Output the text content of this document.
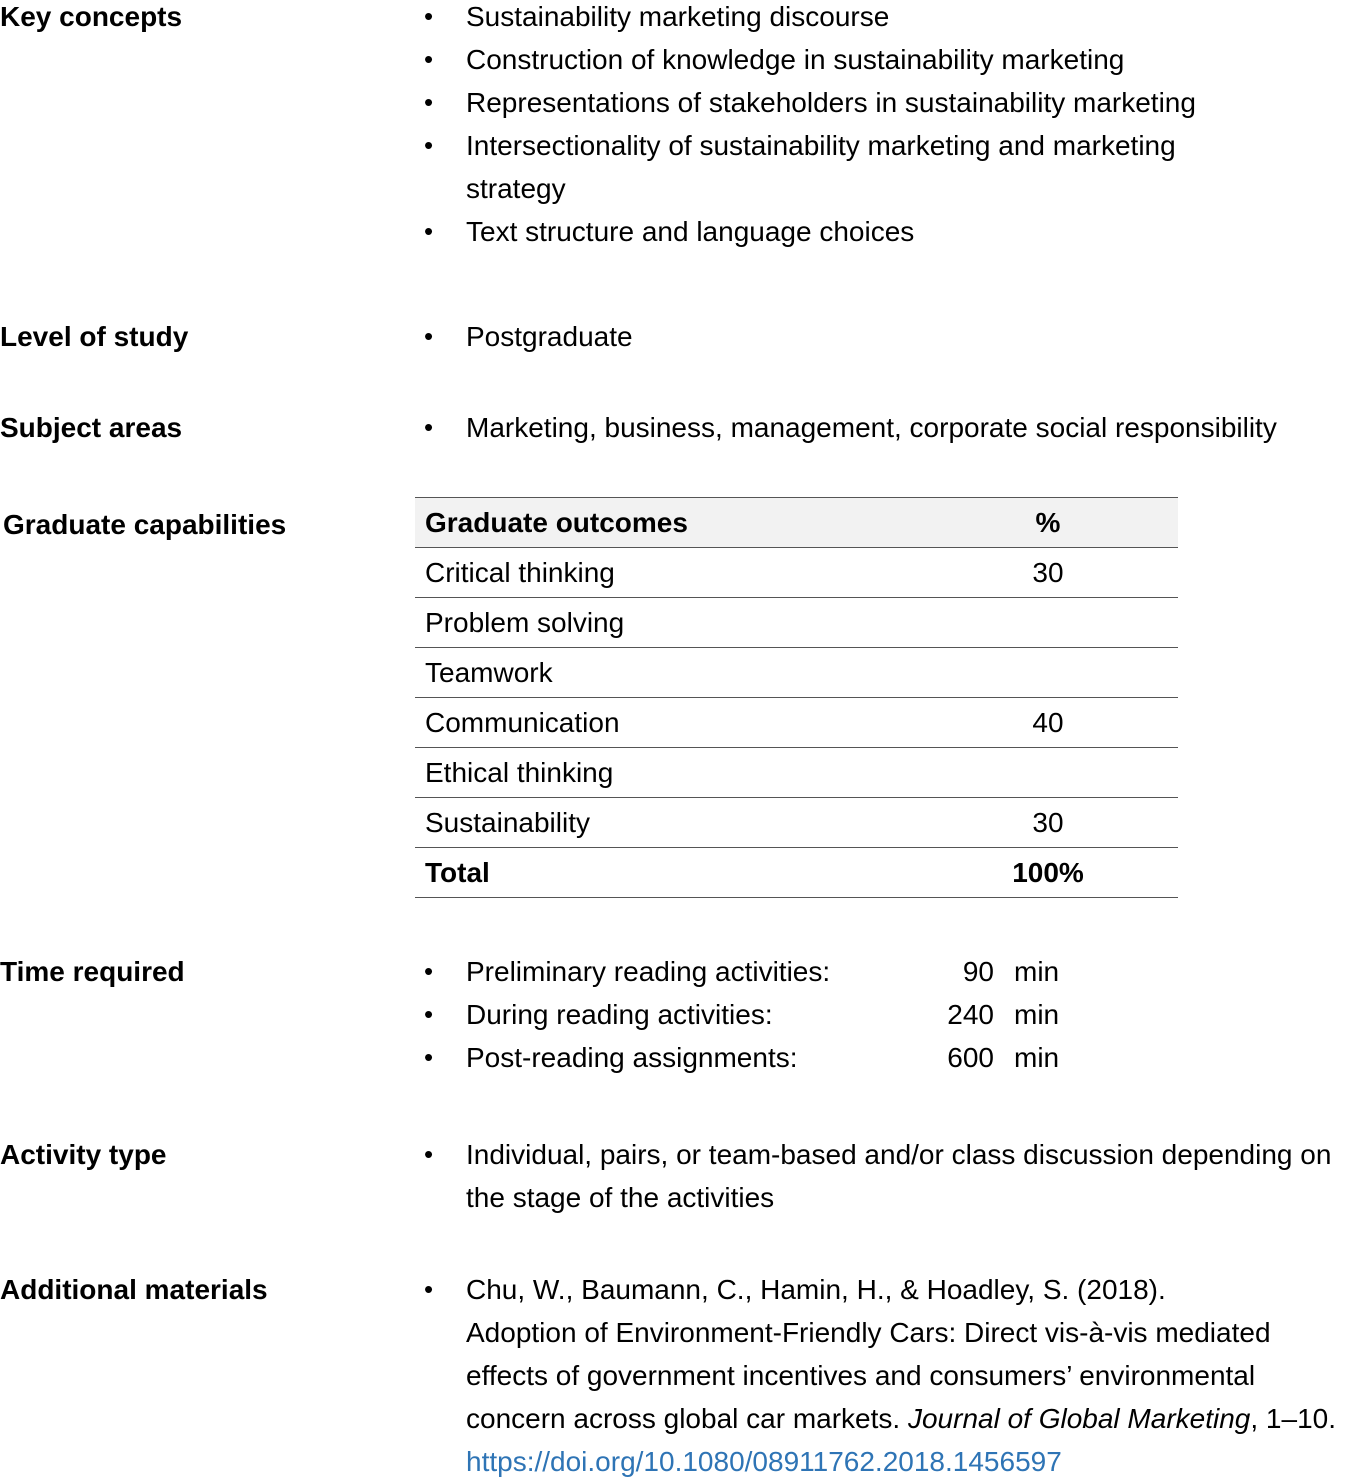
Key concepts	• Sustainability marketing discourse
• Construction of knowledge in sustainability marketing
• Representations of stakeholders in sustainability marketing
• Intersectionality of sustainability marketing and marketing strategy
• Text structure and language choices
Level of study	• Postgraduate
Subject areas	• Marketing, business, management, corporate social responsibility
Graduate capabilities	Graduate outcomes	%
Critical thinking	30
Problem solving	
Teamwork	
Communication	40
Ethical thinking	
Sustainability	30
Total	100%
Time required	• Preliminary reading activities:	90 min
• During reading activities:	240 min
• Post-reading assignments:	600 min
Activity type	• Individual, pairs, or team-based and/or class discussion depending on the stage of the activities
Additional materials	• Chu, W., Baumann, C., Hamin, H., & Hoadley, S. (2018).
Adoption of Environment-Friendly Cars: Direct vis-à-vis mediated effects of government incentives and consumers’ environmental concern across global car markets. Journal of Global Marketing, 1–10. https://doi.org/10.1080/08911762.2018.1456597
